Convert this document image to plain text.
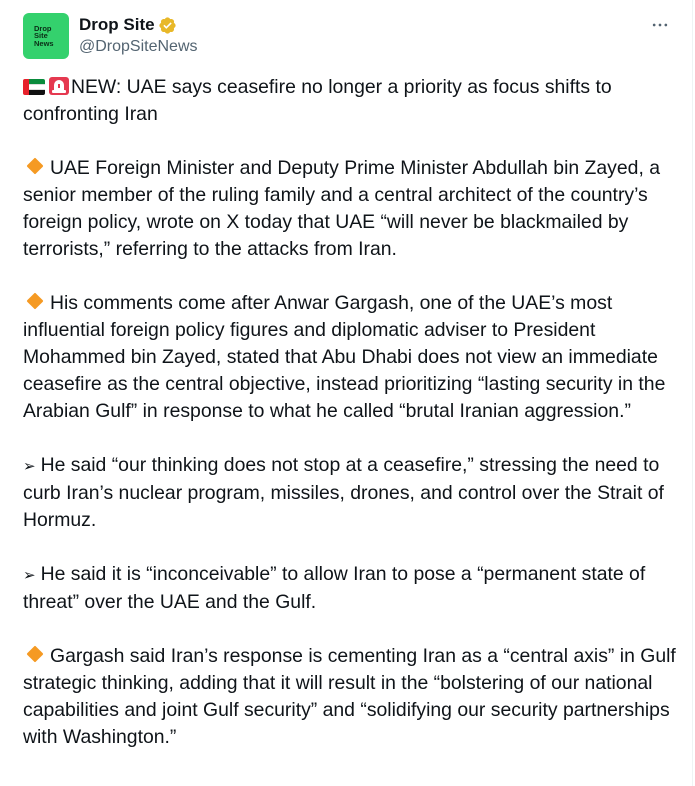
Drop
Site
News
Drop Site
@DropSiteNews

NEW: UAE says ceasefire no longer a priority as focus shifts to confronting Iran

UAE Foreign Minister and Deputy Prime Minister Abdullah bin Zayed, a senior member of the ruling family and a central architect of the country’s foreign policy, wrote on X today that UAE “will never be blackmailed by terrorists,” referring to the attacks from Iran.

His comments come after Anwar Gargash, one of the UAE’s most influential foreign policy figures and diplomatic adviser to President Mohammed bin Zayed, stated that Abu Dhabi does not view an immediate ceasefire as the central objective, instead prioritizing “lasting security in the Arabian Gulf” in response to what he called “brutal Iranian aggression.”

➢ He said “our thinking does not stop at a ceasefire,” stressing the need to curb Iran’s nuclear program, missiles, drones, and control over the Strait of Hormuz.

➢ He said it is “inconceivable” to allow Iran to pose a “permanent state of threat” over the UAE and the Gulf.

Gargash said Iran’s response is cementing Iran as a “central axis” in Gulf strategic thinking, adding that it will result in the “bolstering of our national capabilities and joint Gulf security” and “solidifying our security partnerships with Washington.”
